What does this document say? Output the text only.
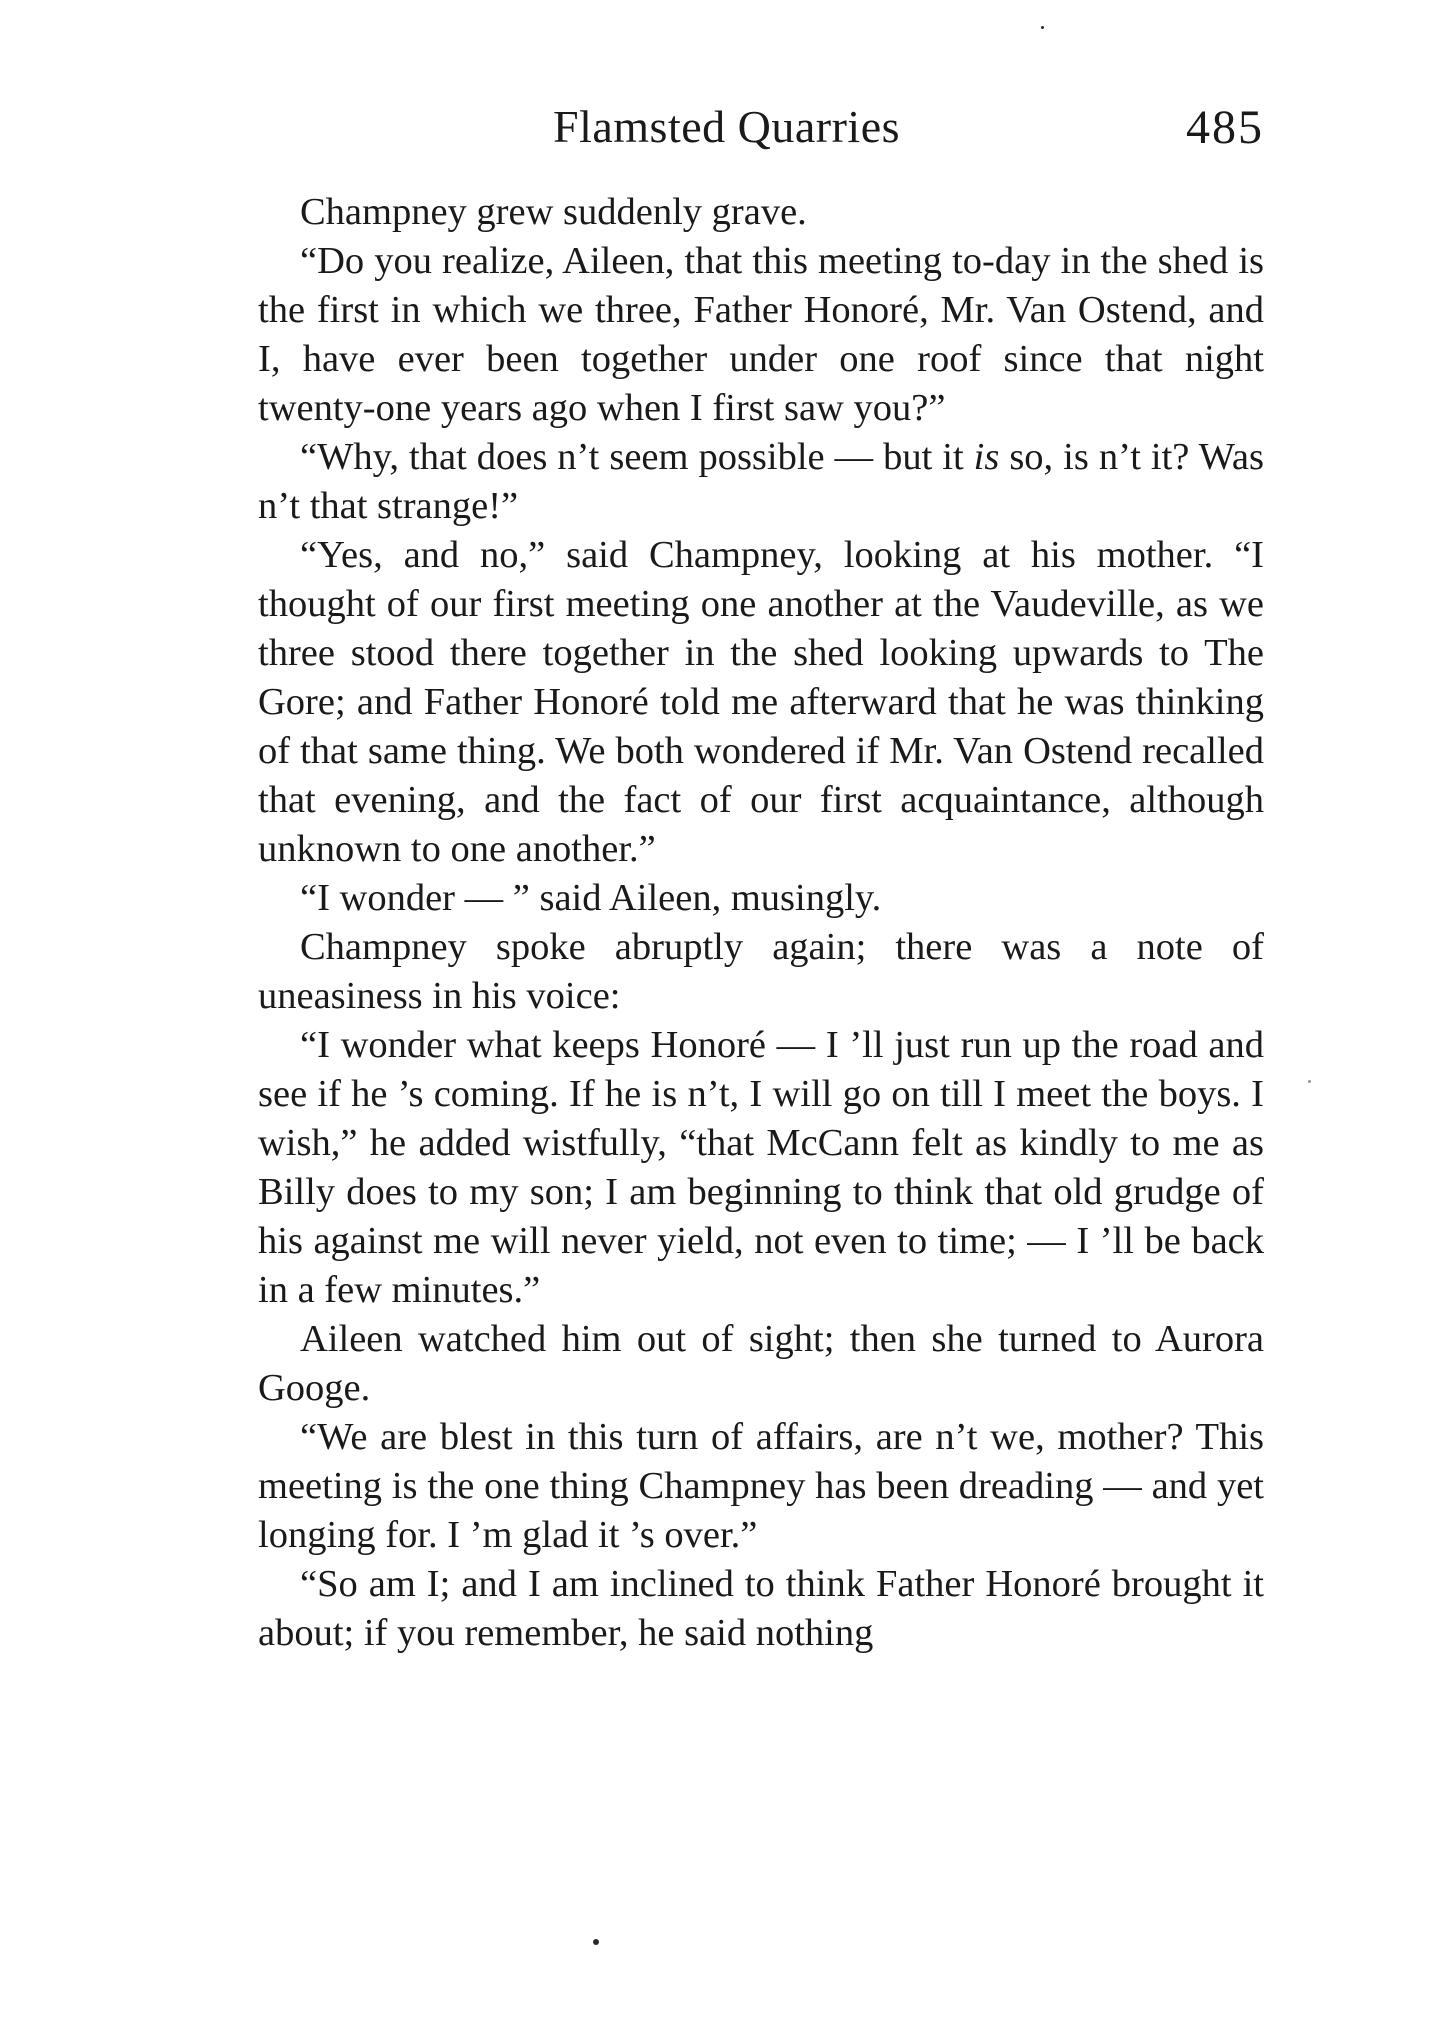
Flamsted Quarries	485

Champney grew suddenly grave.

“Do you realize, Aileen, that this meeting to-day in the shed is the first in which we three, Father Honoré, Mr. Van Ostend, and I, have ever been together under one roof since that night twenty-one years ago when I first saw you?”

“Why, that does n’t seem possible — but it is so, is n’t it? Was n’t that strange!”

“Yes, and no,” said Champney, looking at his mother. “I thought of our first meeting one another at the Vaudeville, as we three stood there together in the shed looking upwards to The Gore; and Father Honoré told me afterward that he was thinking of that same thing. We both wondered if Mr. Van Ostend recalled that evening, and the fact of our first acquaintance, although unknown to one another.”

“I wonder — ” said Aileen, musingly.

Champney spoke abruptly again; there was a note of uneasiness in his voice:

“I wonder what keeps Honoré — I ’ll just run up the road and see if he ’s coming. If he is n’t, I will go on till I meet the boys. I wish,” he added wistfully, “that McCann felt as kindly to me as Billy does to my son; I am beginning to think that old grudge of his against me will never yield, not even to time; — I ’ll be back in a few minutes.”

Aileen watched him out of sight; then she turned to Aurora Googe.

“We are blest in this turn of affairs, are n’t we, mother? This meeting is the one thing Champney has been dreading — and yet longing for. I ’m glad it ’s over.”

“So am I; and I am inclined to think Father Honoré brought it about; if you remember, he said nothing
